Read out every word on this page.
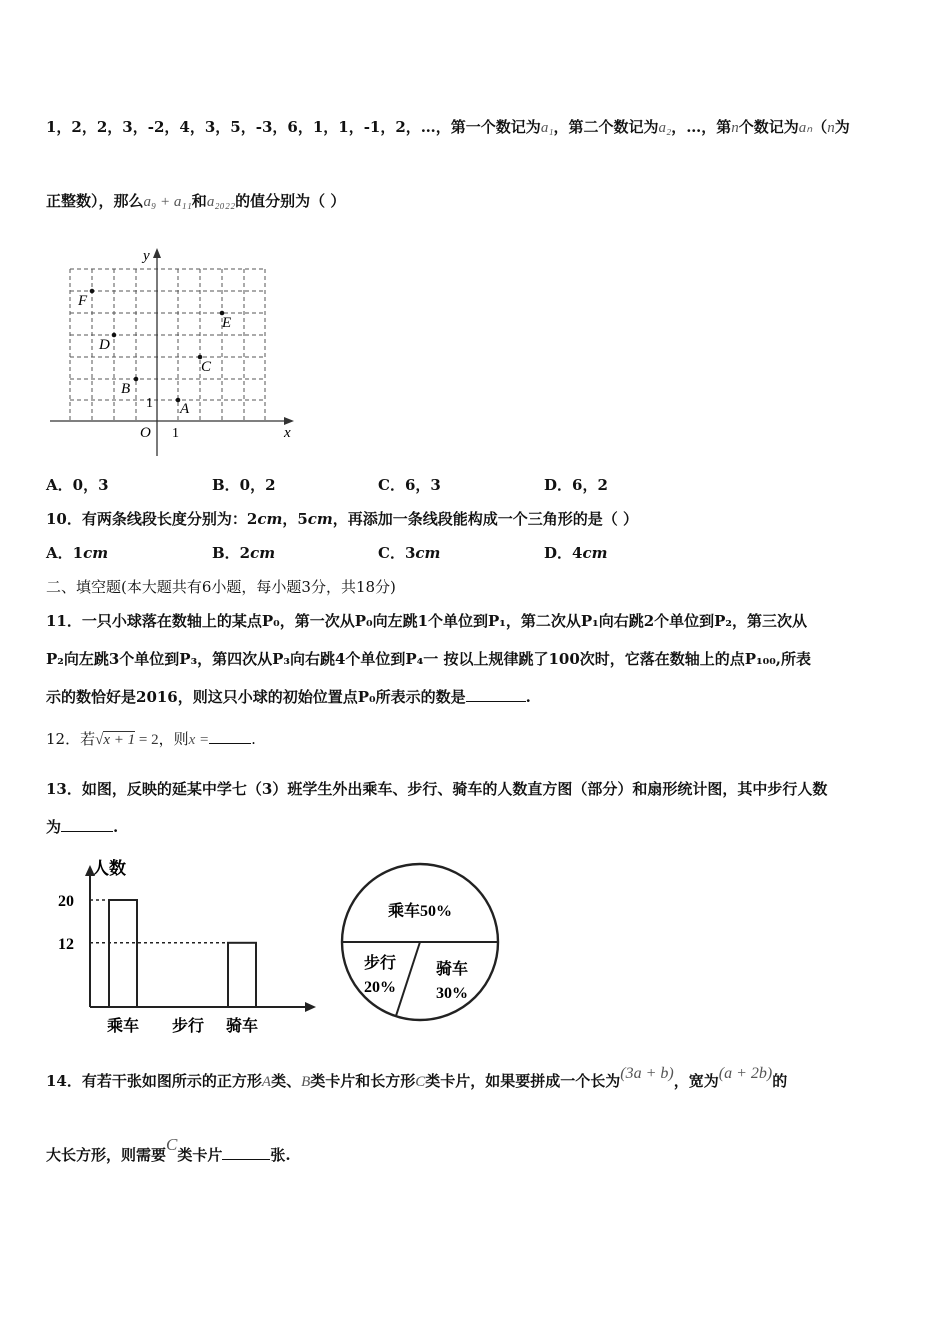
1，2，2，3，-2，4，3，5，-3，6，1，1，-1，2，…，第一个数记为a₁，第二个数记为a₂，…，第n个数记为aₙ（n为
正整数），那么a₉ + a₁₁和a₂₀₂₂的值分别为（ ）
x
y
O 1
1
F
E
D
C
B
A
A．0，3	B．0，2	C．6，3	D．6，2
10．有两条线段长度分别为：2cm，5cm，再添加一条线段能构成一个三角形的是（ ）
A．1cm	B．2cm	C．3cm	D．4cm
二、填空题(本大题共有6小题，每小题3分，共18分)
11．一只小球落在数轴上的某点P₀，第一次从P₀向左跳1个单位到P₁，第二次从P₁向右跳2个单位到P₂，第三次从
P₂向左跳3个单位到P₃，第四次从P₃向右跳4个单位到P₄一 按以上规律跳了100次时，它落在数轴上的点P₁₀₀,所表
示的数恰好是2016，则这只小球的初始位置点P₀所表示的数是	.
12．若√x + 1 = 2，则x =	.
13．如图，反映的延某中学七（3）班学生外出乘车、步行、骑车的人数直方图（部分）和扇形统计图，其中步行人数
为	.
人数
20
12
乘车 步行 骑车
乘车50%
步行
20%
骑车
30%
14．有若干张如图所示的正方形A类、B类卡片和长方形C类卡片，如果要拼成一个长为(3a + b)，宽为(a + 2b)的
大长方形，则需要C类卡片	张.
